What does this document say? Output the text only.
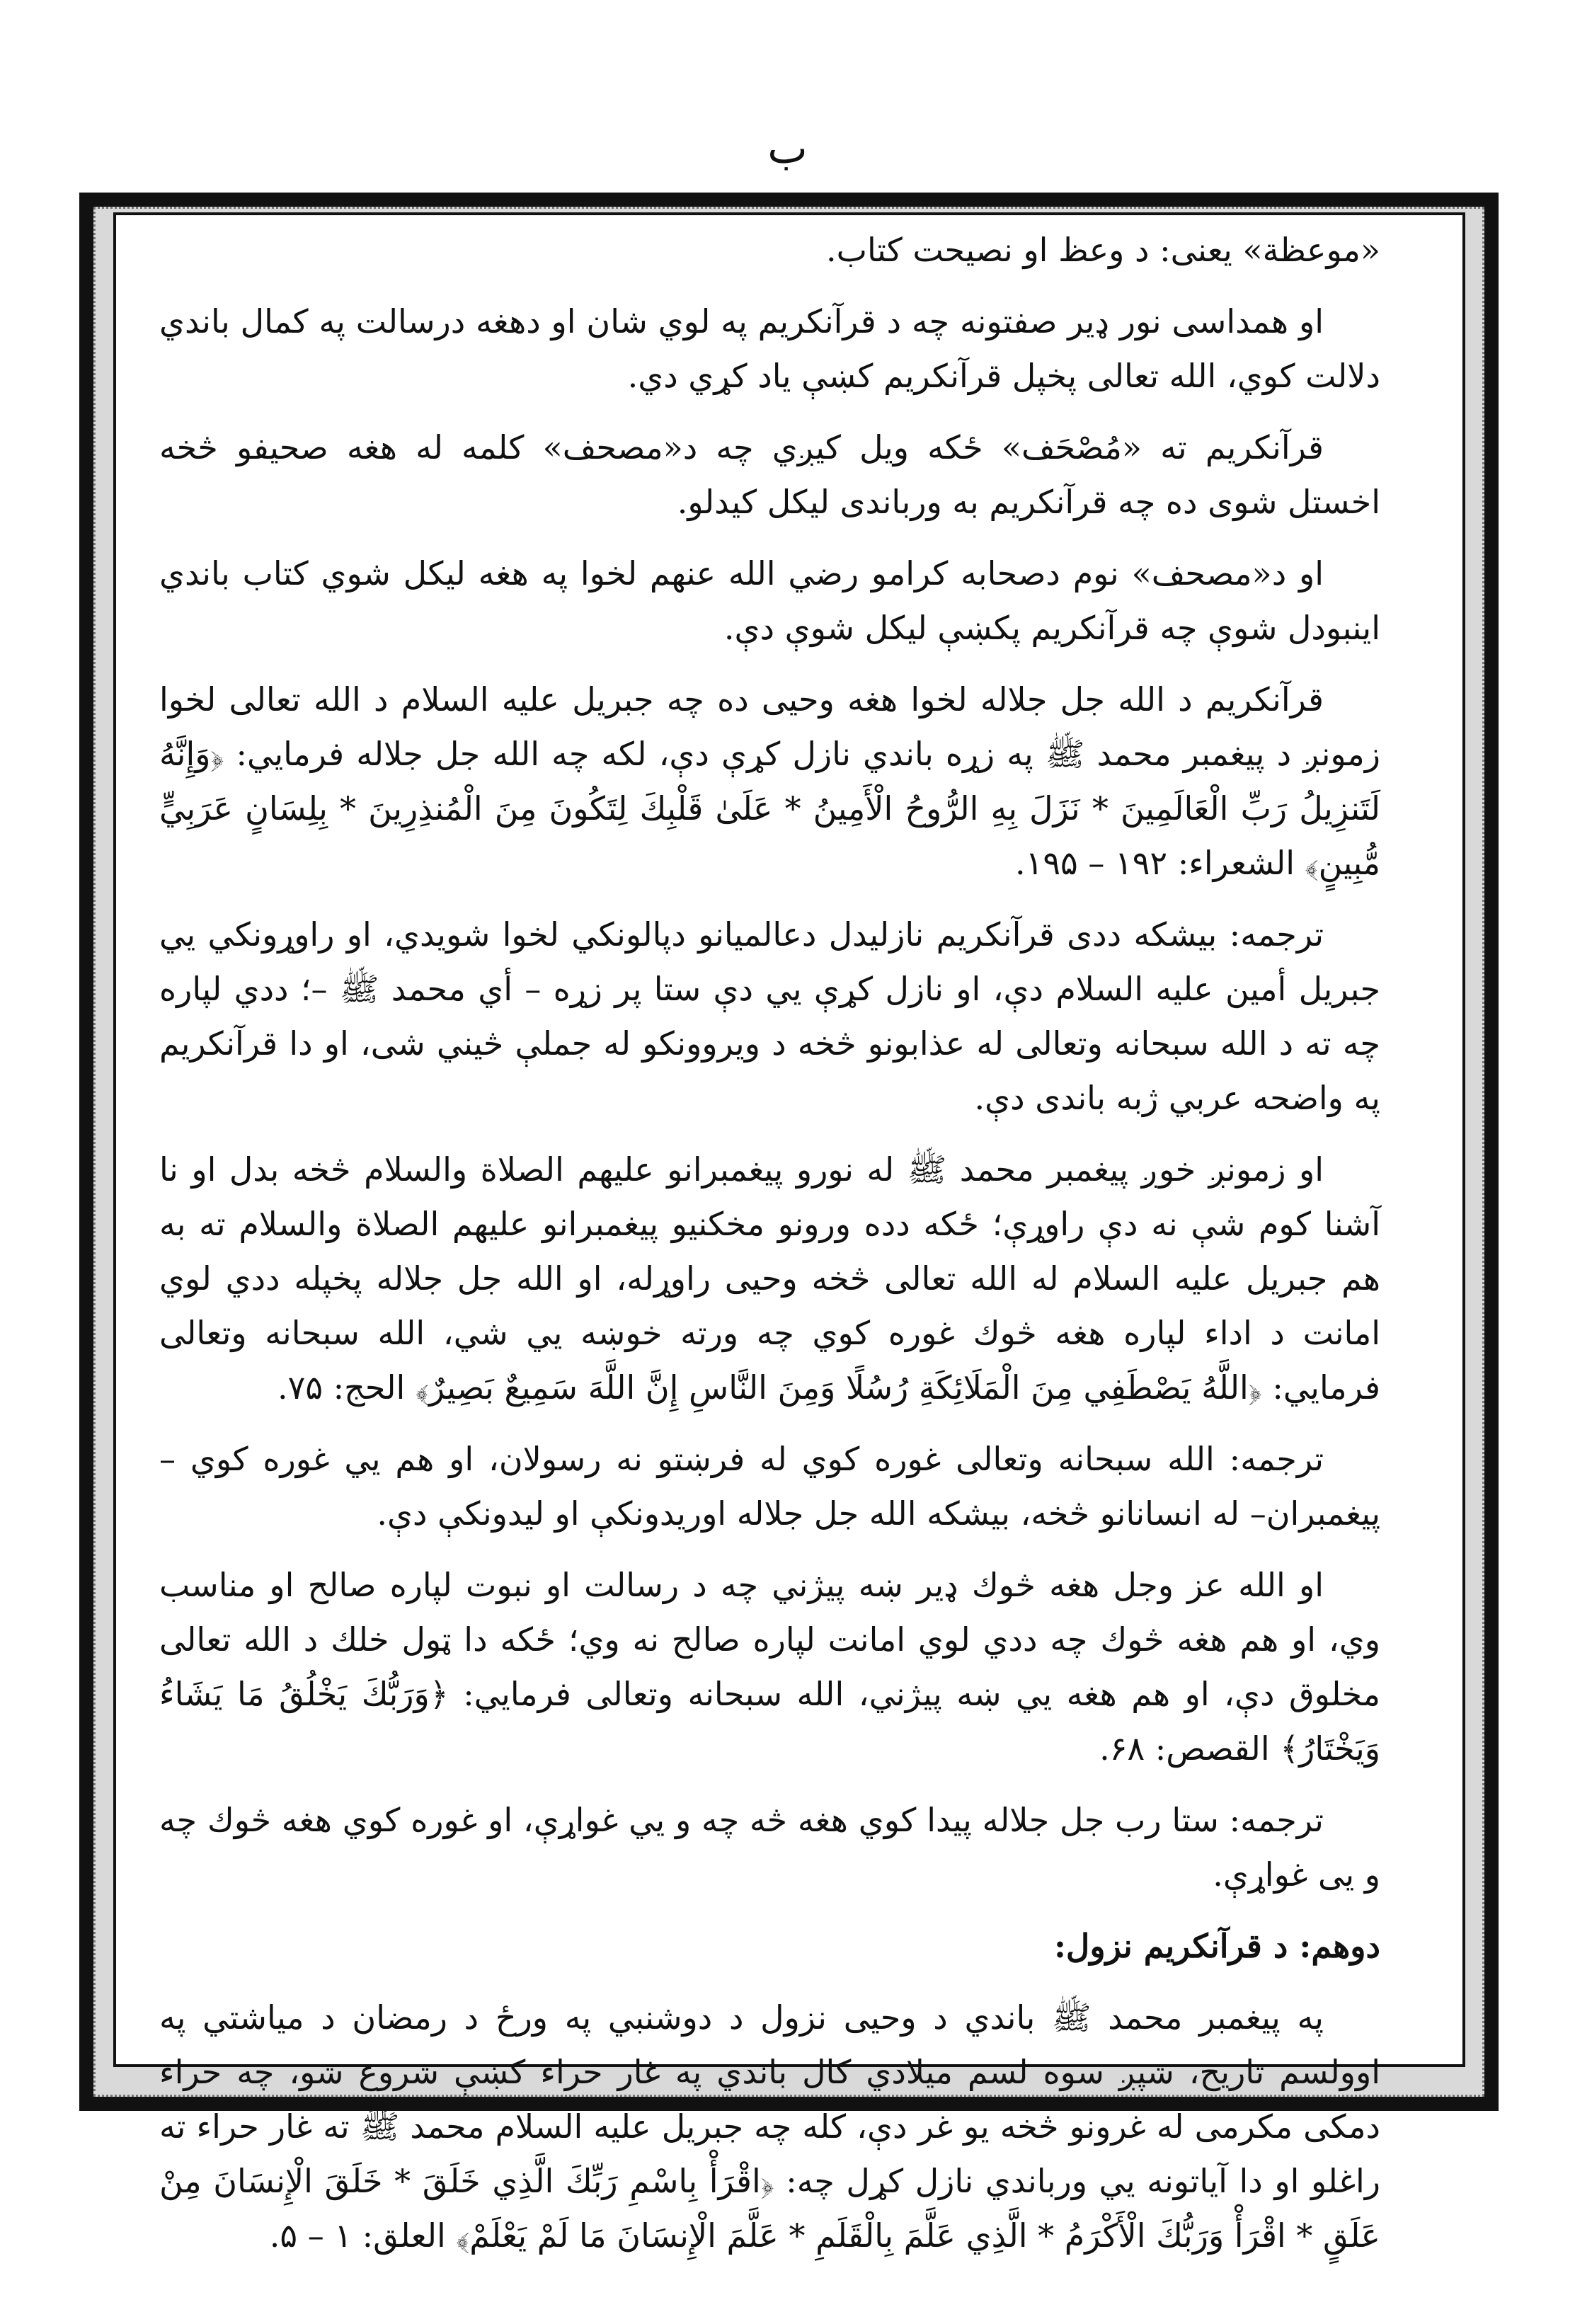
ب

«موعظة» يعنى: د وعظ او نصيحت كتاب.

او همداسى نور ډير صفتونه چه د قرآنكريم په لوي شان او دهغه درسالت په كمال باندي دلالت كوي، الله تعالى پخپل قرآنكريم كښې ياد كړي دي.

قرآنكريم ته «مُصْحَف» ځكه ويل كيږي چه د«مصحف» كلمه له هغه صحيفو څخه اخستل شوى ده چه قرآنكريم به ورباندى ليكل كيدلو.

او د«مصحف» نوم دصحابه كرامو رضي الله عنهم لخوا په هغه ليكل شوي كتاب باندي اينبودل شوې چه قرآنكريم پكښې ليكل شوې دې.

قرآنكريم د الله جل جلاله لخوا هغه وحيى ده چه جبريل عليه السلام د الله تعالى لخوا زمونږ د پيغمبر محمد ﷺ په زړه باندي نازل كړې دې، لكه چه الله جل جلاله فرمايي: ﴿وَإِنَّهُ لَتَنزِيلُ رَبِّ الْعَالَمِينَ * نَزَلَ بِهِ الرُّوحُ الْأَمِينُ * عَلَىٰ قَلْبِكَ لِتَكُونَ مِنَ الْمُنذِرِينَ * بِلِسَانٍ عَرَبِيٍّ مُّبِينٍ﴾ الشعراء: ۱۹۲ – ۱۹۵.

ترجمه: بيشكه ددى قرآنكريم نازليدل دعالميانو دپالونكي لخوا شويدي، او راوړونكي يي جبريل أمين عليه السلام دې، او نازل كړې يي دې ستا پر زړه – أي محمد ﷺ –؛ ددي لپاره چه ته د الله سبحانه وتعالى له عذابونو څخه د ويروونكو له جملې څيني شى، او دا قرآنكريم په واضحه عربي ژبه باندى دې.

او زمونږ خوږ پيغمبر محمد ﷺ له نورو پيغمبرانو عليهم الصلاة والسلام څخه بدل او نا آشنا كوم شې نه دې راوړې؛ ځكه دده ورونو مخكنيو پيغمبرانو عليهم الصلاة والسلام ته به هم جبريل عليه السلام له الله تعالى څخه وحيى راوړله، او الله جل جلاله پخپله ددي لوي امانت د اداء لپاره هغه څوك غوره كوي چه ورته خوښه يي شي، الله سبحانه وتعالى فرمايي: ﴿اللَّهُ يَصْطَفِي مِنَ الْمَلَائِكَةِ رُسُلًا وَمِنَ النَّاسِ إِنَّ اللَّهَ سَمِيعٌ بَصِيرٌ﴾ الحج: ۷۵.

ترجمه: الله سبحانه وتعالى غوره كوي له فرښتو نه رسولان، او هم يي غوره كوي –پيغمبران– له انسانانو څخه، بيشكه الله جل جلاله اوريدونكې او ليدونكې دې.

او الله عز وجل هغه څوك ډير ښه پيژني چه د رسالت او نبوت لپاره صالح او مناسب وي، او هم هغه څوك چه ددي لوي امانت لپاره صالح نه وي؛ ځكه دا ټول خلك د الله تعالى مخلوق دې، او هم هغه يي ښه پيژني، الله سبحانه وتعالى فرمايي: ﴿وَرَبُّكَ يَخْلُقُ مَا يَشَاءُ وَيَخْتَارُ﴾ القصص: ۶۸.

ترجمه: ستا رب جل جلاله پيدا كوي هغه څه چه و يي غواړې، او غوره كوي هغه څوك چه و يى غواړې.

دوهم: د قرآنكريم نزول:

په پيغمبر محمد ﷺ باندي د وحيى نزول د دوشنبي په ورځ د رمضان د مياشتي په اوولسم تاريخ، شپږ سوه لسم ميلادي كال باندي په غار حراء كښې شروع شو، چه حراء دمكى مكرمى له غرونو څخه يو غر دې، كله چه جبريل عليه السلام محمد ﷺ ته غار حراء ته راغلو او دا آياتونه يي ورباندي نازل كړل چه: ﴿اقْرَأْ بِاسْمِ رَبِّكَ الَّذِي خَلَقَ * خَلَقَ الْإِنسَانَ مِنْ عَلَقٍ * اقْرَأْ وَرَبُّكَ الْأَكْرَمُ * الَّذِي عَلَّمَ بِالْقَلَمِ * عَلَّمَ الْإِنسَانَ مَا لَمْ يَعْلَمْ﴾ العلق: ۱ – ۵.
